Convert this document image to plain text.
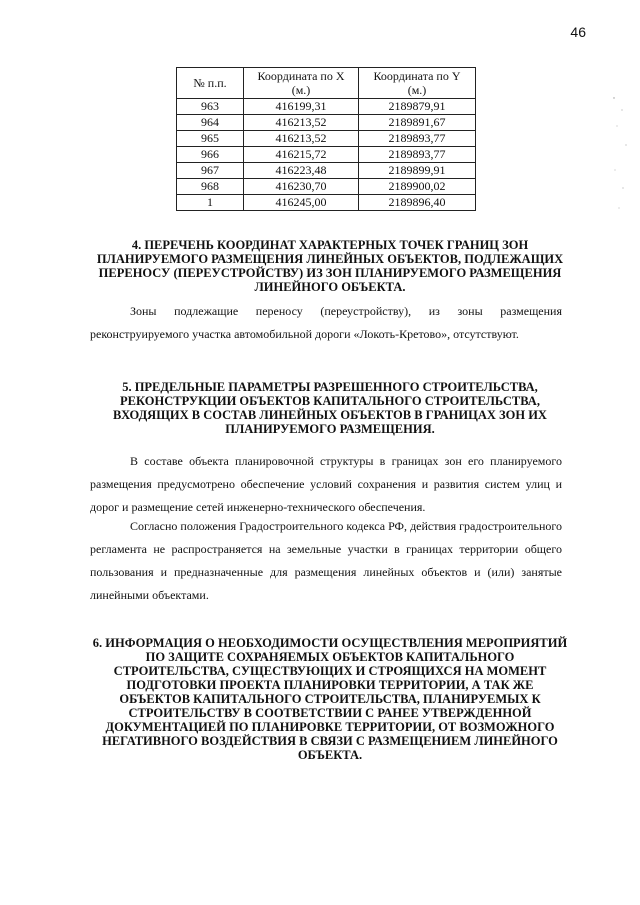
46
№ п.п.	Координата по X (м.)	Координата по Y (м.)
963	416199,31	2189879,91
964	416213,52	2189891,67
965	416213,52	2189893,77
966	416215,72	2189893,77
967	416223,48	2189899,91
968	416230,70	2189900,02
1	416245,00	2189896,40
4. ПЕРЕЧЕНЬ КООРДИНАТ ХАРАКТЕРНЫХ ТОЧЕК ГРАНИЦ ЗОН ПЛАНИРУЕМОГО РАЗМЕЩЕНИЯ ЛИНЕЙНЫХ ОБЪЕКТОВ, ПОДЛЕЖАЩИХ ПЕРЕНОСУ (ПЕРЕУСТРОЙСТВУ) ИЗ ЗОН ПЛАНИРУЕМОГО РАЗМЕЩЕНИЯ ЛИНЕЙНОГО ОБЪЕКТА.
Зоны подлежащие переносу (переустройству), из зоны размещения реконструируемого участка автомобильной дороги «Локоть-Кретово», отсутствуют.
5. ПРЕДЕЛЬНЫЕ ПАРАМЕТРЫ РАЗРЕШЕННОГО СТРОИТЕЛЬСТВА, РЕКОНСТРУКЦИИ ОБЪЕКТОВ КАПИТАЛЬНОГО СТРОИТЕЛЬСТВА, ВХОДЯЩИХ В СОСТАВ ЛИНЕЙНЫХ ОБЪЕКТОВ В ГРАНИЦАХ ЗОН ИХ ПЛАНИРУЕМОГО РАЗМЕЩЕНИЯ.
В составе объекта планировочной структуры в границах зон его планируемого размещения предусмотрено обеспечение условий сохранения и развития систем улиц и дорог и размещение сетей инженерно-технического обеспечения.
Согласно положения Градостроительного кодекса РФ, действия градостроительного регламента не распространяется на земельные участки в границах территории общего пользования и предназначенные для размещения линейных объектов и (или) занятые линейными объектами.
6. ИНФОРМАЦИЯ О НЕОБХОДИМОСТИ ОСУЩЕСТВЛЕНИЯ МЕРОПРИЯТИЙ ПО ЗАЩИТЕ СОХРАНЯЕМЫХ ОБЪЕКТОВ КАПИТАЛЬНОГО СТРОИТЕЛЬСТВА, СУЩЕСТВУЮЩИХ И СТРОЯЩИХСЯ НА МОМЕНТ ПОДГОТОВКИ ПРОЕКТА ПЛАНИРОВКИ ТЕРРИТОРИИ, А ТАК ЖЕ ОБЪЕКТОВ КАПИТАЛЬНОГО СТРОИТЕЛЬСТВА, ПЛАНИРУЕМЫХ К СТРОИТЕЛЬСТВУ В СООТВЕТСТВИИ С РАНЕЕ УТВЕРЖДЕННОЙ ДОКУМЕНТАЦИЕЙ ПО ПЛАНИРОВКЕ ТЕРРИТОРИИ, ОТ ВОЗМОЖНОГО НЕГАТИВНОГО ВОЗДЕЙСТВИЯ В СВЯЗИ С РАЗМЕЩЕНИЕМ ЛИНЕЙНОГО ОБЪЕКТА.
